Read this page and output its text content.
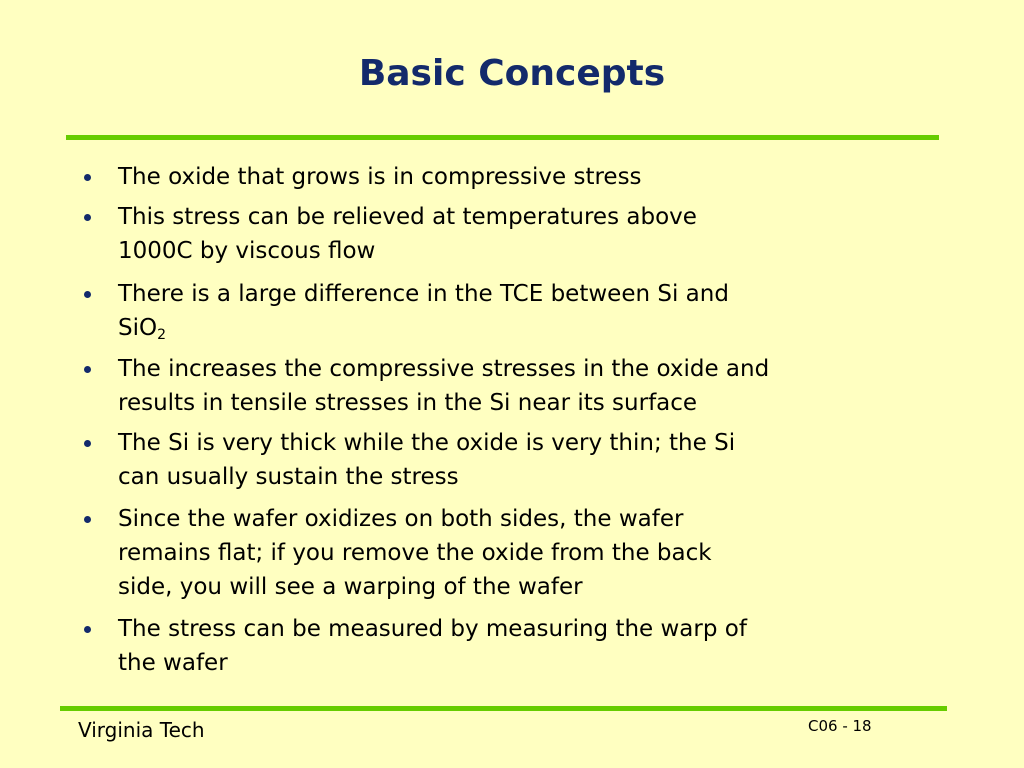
Basic Concepts
The oxide that grows is in compressive stress
This stress can be relieved at temperatures above
1000C by viscous flow
There is a large difference in the TCE between Si and
SiO$_2$
The increases the compressive stresses in the oxide and
results in tensile stresses in the Si near its surface
The Si is very thick while the oxide is very thin; the Si
can usually sustain the stress
Since the wafer oxidizes on both sides, the wafer
remains flat; if you remove the oxide from the back
side, you will see a warping of the wafer
The stress can be measured by measuring the warp of
the wafer
Virginia Tech	C06 - 18
